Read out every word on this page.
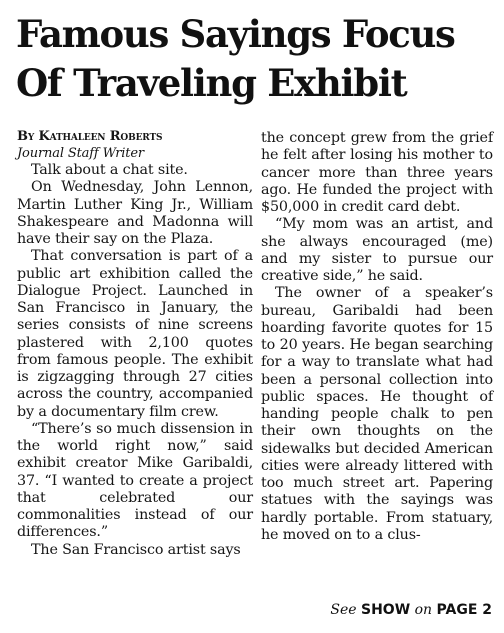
Famous Sayings Focus
Of Traveling Exhibit

By Kathaleen Roberts

Journal Staff Writer

Talk about a chat site.

On Wednesday, John Lennon, Martin Luther King Jr., William Shakespeare and Madonna will have their say on the Plaza.

That conversation is part of a public art exhibition called the Dialogue Project. Launched in San Francisco in January, the series consists of nine screens plastered with 2,100 quotes from famous people. The exhibit is zigzagging through 27 cities across the country, accompanied by a documentary film crew.

“There’s so much dissension in the world right now,” said exhibit creator Mike Garibaldi, 37. “I wanted to create a project that celebrated our commonalities instead of our differences.”

The San Francisco artist says

the concept grew from the grief he felt after losing his mother to cancer more than three years ago. He funded the project with $50,000 in credit card debt.

“My mom was an artist, and she always encouraged (me) and my sister to pursue our creative side,” he said.

The owner of a speaker’s bureau, Garibaldi had been hoarding favorite quotes for 15 to 20 years. He began searching for a way to translate what had been a personal collection into public spaces. He thought of handing people chalk to pen their own thoughts on the sidewalks but decided American cities were already littered with too much street art. Papering statues with the sayings was hardly portable. From statuary, he moved on to a clus-

See SHOW on PAGE 2
